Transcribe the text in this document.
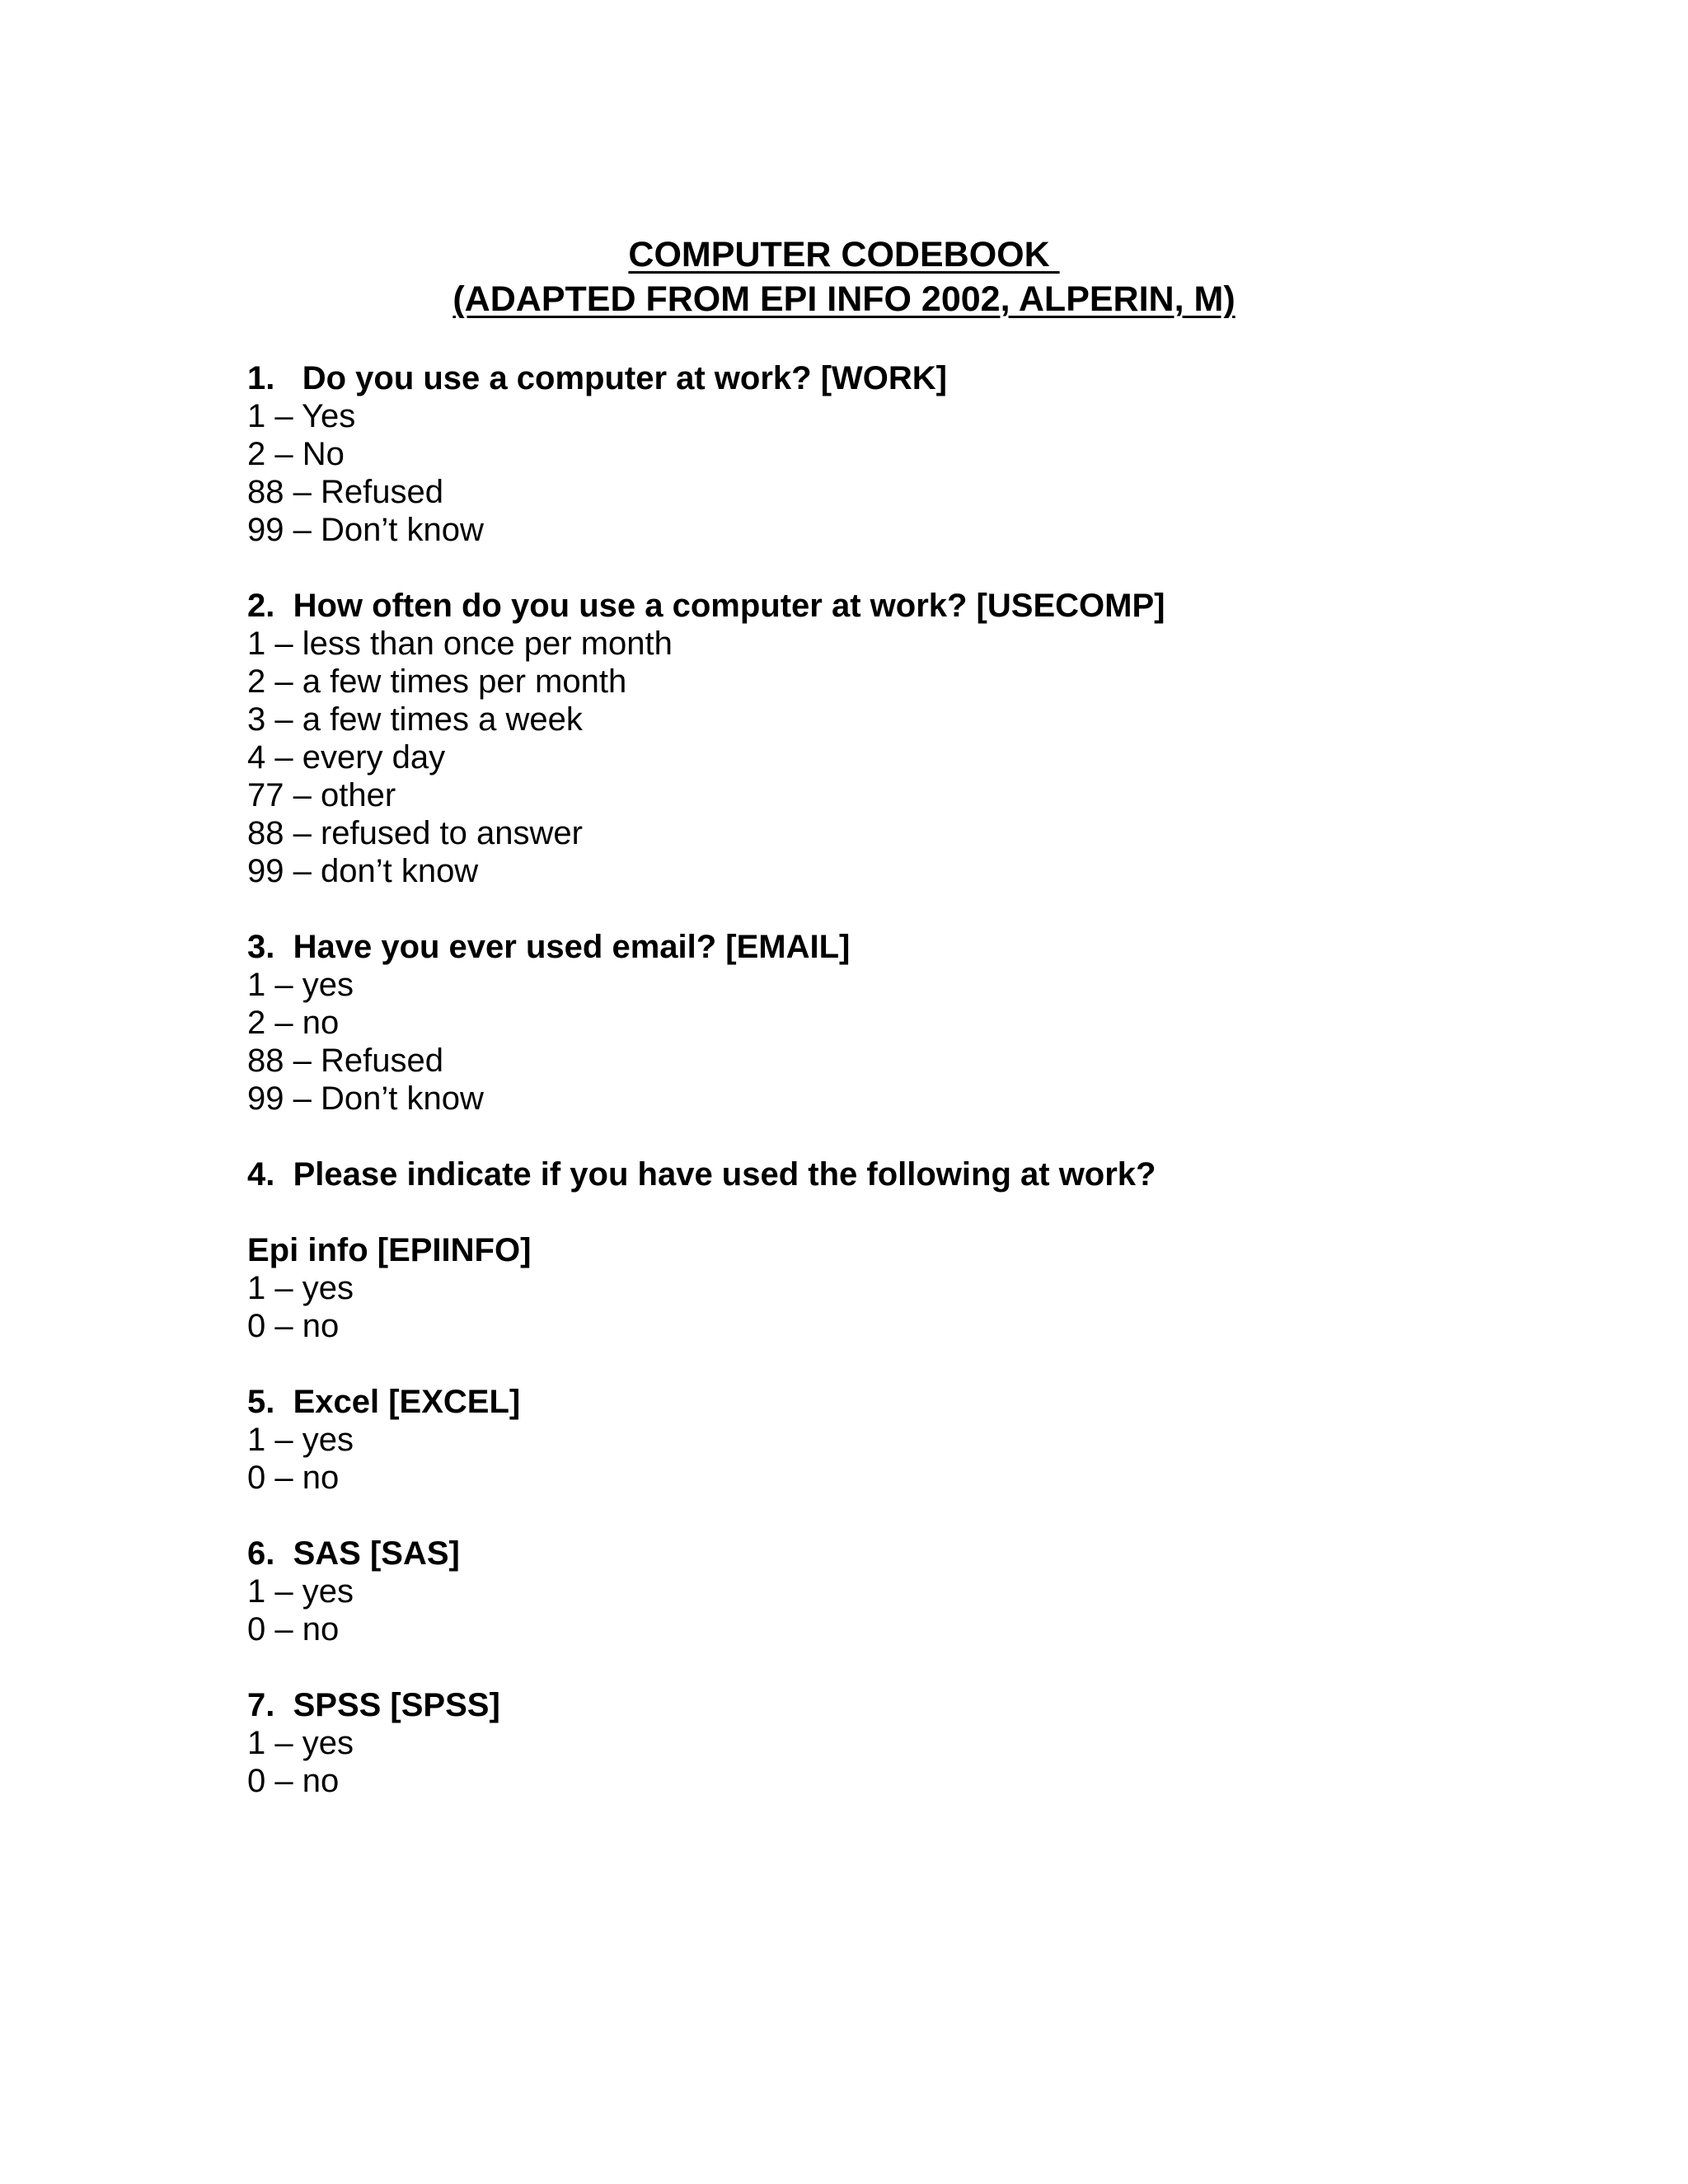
COMPUTER CODEBOOK
(ADAPTED FROM EPI INFO 2002, ALPERIN, M)
1.   Do you use a computer at work? [WORK]
1 – Yes
2 – No
88 – Refused
99 – Don’t know
2.  How often do you use a computer at work? [USECOMP]
1 – less than once per month
2 – a few times per month
3 – a few times a week
4 – every day
77 – other
88 – refused to answer
99 – don’t know
3.  Have you ever used email? [EMAIL]
1 – yes
2 – no
88 – Refused
99 – Don’t know
4.  Please indicate if you have used the following at work?
Epi info [EPIINFO]
1 – yes
0 – no
5.  Excel [EXCEL]
1 – yes
0 – no
6.  SAS [SAS]
1 – yes
0 – no
7.  SPSS [SPSS]
1 – yes
0 – no
